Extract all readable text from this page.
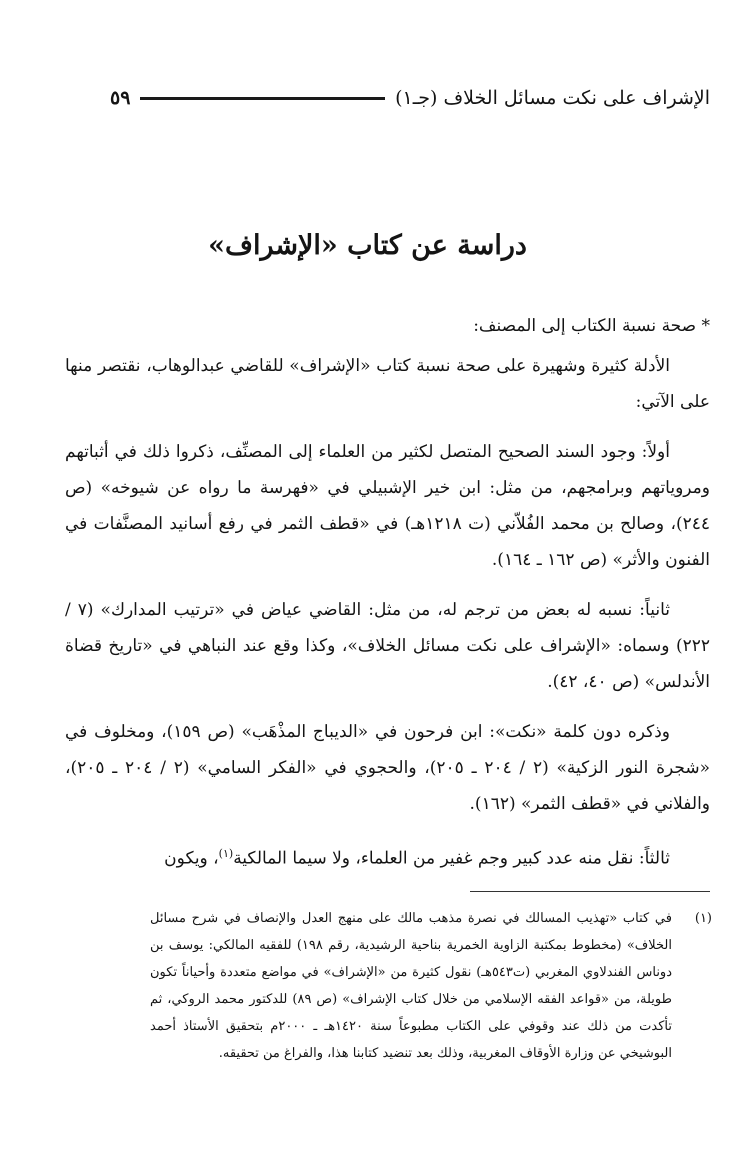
الإشراف على نكت مسائل الخلاف (جـ١)
٥٩
دراسة عن كتاب «الإشراف»

* صحة نسبة الكتاب إلى المصنف:

الأدلة كثيرة وشهيرة على صحة نسبة كتاب «الإشراف» للقاضي عبدالوهاب، نقتصر منها على الآتي:

أولاً: وجود السند الصحيح المتصل لكثير من العلماء إلى المصنِّف، ذكروا ذلك في أثباتهم ومروياتهم وبرامجهم، من مثل: ابن خير الإشبيلي في «فهرسة ما رواه عن شيوخه» (ص ٢٤٤)، وصالح بن محمد الفُلاّني (ت ١٢١٨هـ) في «قطف الثمر في رفع أسانيد المصنَّفات في الفنون والأثر» (ص ١٦٢ ـ ١٦٤).

ثانياً: نسبه له بعض من ترجم له، من مثل: القاضي عياض في «ترتيب المدارك» (٧ / ٢٢٢) وسماه: «الإشراف على نكت مسائل الخلاف»، وكذا وقع عند النباهي في «تاريخ قضاة الأندلس» (ص ٤٠، ٤٢).

وذكره دون كلمة «نكت»: ابن فرحون في «الديباج المذْهَب» (ص ١٥٩)، ومخلوف في «شجرة النور الزكية» (٢ / ٢٠٤ ـ ٢٠٥)، والحجوي في «الفكر السامي» (٢ / ٢٠٤ ـ ٢٠٥)، والفلاني في «قطف الثمر» (١٦٢).

ثالثاً: نقل منه عدد كبير وجم غفير من العلماء، ولا سيما المالكية$^{(١)}$، ويكون

(١)
في كتاب «تهذيب المسالك في نصرة مذهب مالك على منهج العدل والإنصاف في شرح مسائل الخلاف» (مخطوط بمكتبة الزاوية الخمرية بناحية الرشيدية، رقم ١٩٨) للفقيه المالكي: يوسف بن دوناس الفندلاوي المغربي (ت٥٤٣هـ) نقول كثيرة من «الإشراف» في مواضع متعددة وأحياناً تكون طويلة، من «قواعد الفقه الإسلامي من خلال كتاب الإشراف» (ص ٨٩) للدكتور محمد الروكي، ثم تأكدت من ذلك عند وقوفي على الكتاب مطبوعاً سنة ١٤٢٠هـ ـ ٢٠٠٠م بتحقيق الأستاذ أحمد البوشيخي عن وزارة الأوقاف المغربية، وذلك بعد تنضيد كتابنا هذا، والفراغ من تحقيقه.
